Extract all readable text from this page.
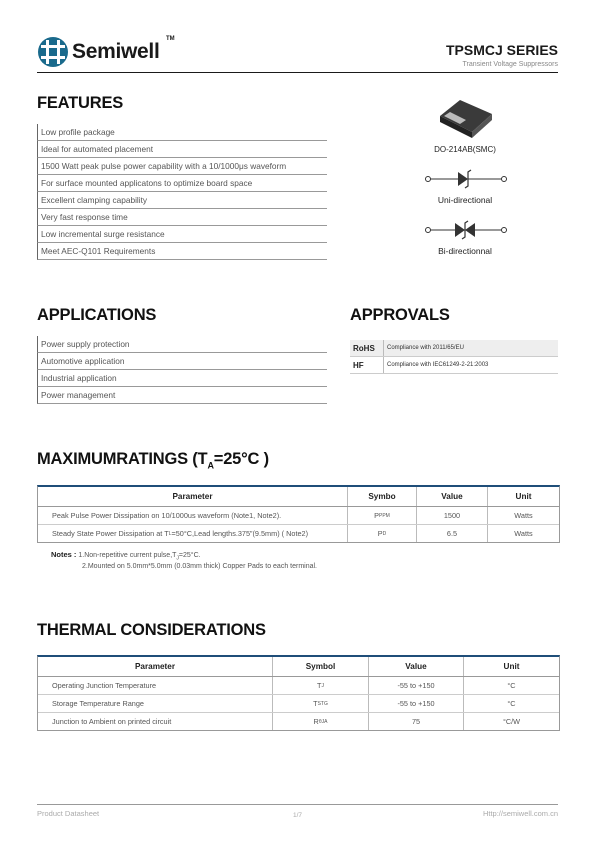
Semiwell
TM
TPSMCJ SERIES
Transient Voltage Suppressors
FEATURES
Low profile package
Ideal for automated placement
1500 Watt peak pulse power capability with a 10/1000μs waveform
For surface mounted applicatons to optimize board space
Excellent clamping capability
Very fast response time
Low incremental surge resistance
Meet AEC-Q101 Requirements
DO-214AB(SMC)
Uni-directional
Bi-directionnal
APPLICATIONS
Power supply protection
Automotive application
Industrial application
Power management
APPROVALS
RoHS	Compliance with 2011/65/EU
HF	Compliance with IEC61249-2-21:2003
MAXIMUMRATINGS ($T_A=25^\circ C$ )
Parameter	Symbo	Value	Unit
Peak Pulse Power Dissipation on 10/1000us waveform (Note1, Note2).	P PPM	1500	Watts
Steady State Power Dissipation at T L =50°C,Lead lengths.375”(9.5mm) ( Note2)	P D	6.5	Watts
Notes : 1.Non-repetitive current $pulse,T_J=25^\circ C$.
2.Mounted on 5.0mm*5.0mm (0.03mm thick) Copper Pads to each terminal.
THERMAL CONSIDERATIONS
Parameter	Symbol	Value	Unit
Operating Junction Temperature	T J	-55 to +150	°C
Storage Temperature Range	T STG	-55 to +150	°C
Junction to Ambient on printed circuit	R θJA	75	°C/W
Product Datasheet	1/7	Http://semiwell.com.cn
